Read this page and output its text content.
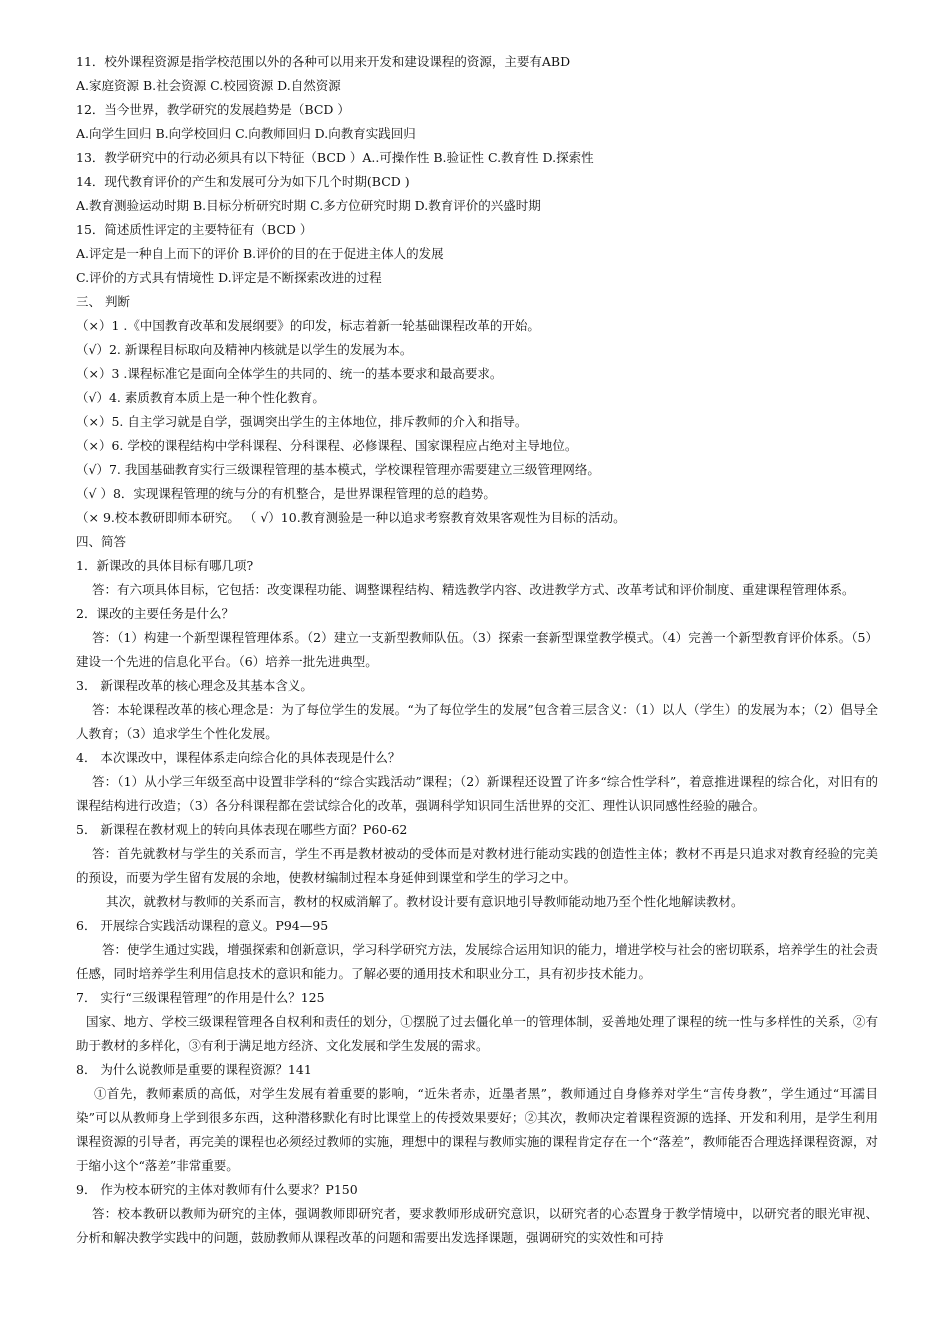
11．校外课程资源是指学校范围以外的各种可以用来开发和建设课程的资源，主要有ABD
A.家庭资源 B.社会资源 C.校园资源 D.自然资源
12．当今世界，教学研究的发展趋势是（BCD ）
A.向学生回归 B.向学校回归 C.向教师回归 D.向教育实践回归
13．教学研究中的行动必须具有以下特征（BCD ）A..可操作性 B.验证性 C.教育性 D.探索性
14．现代教育评价的产生和发展可分为如下几个时期(BCD )
A.教育测验运动时期 B.目标分析研究时期 C.多方位研究时期 D.教育评价的兴盛时期
15．简述质性评定的主要特征有（BCD ）
A.评定是一种自上而下的评价 B.评价的目的在于促进主体人的发展
C.评价的方式具有情境性 D.评定是不断探索改进的过程
三、 判断
（×）1 .《中国教育改革和发展纲要》的印发，标志着新一轮基础课程改革的开始。
（√）2. 新课程目标取向及精神内核就是以学生的发展为本。
（×）3 .课程标准它是面向全体学生的共同的、统一的基本要求和最高要求。
（√）4. 素质教育本质上是一种个性化教育。
（×）5. 自主学习就是自学，强调突出学生的主体地位，排斥教师的介入和指导。
（×）6. 学校的课程结构中学科课程、分科课程、必修课程、国家课程应占绝对主导地位。
（√）7. 我国基础教育实行三级课程管理的基本模式，学校课程管理亦需要建立三级管理网络。
（√ ）8．实现课程管理的统与分的有机整合，是世界课程管理的总的趋势。
（× 9.校本教研即师本研究。 （ √）10.教育测验是一种以追求考察教育效果客观性为目标的活动。
四、简答
1．新课改的具体目标有哪几项?
答：有六项具体目标，它包括：改变课程功能、调整课程结构、精选教学内容、改进教学方式、改革考试和评价制度、重建课程管理体系。
2．课改的主要任务是什么？
答：（1）构建一个新型课程管理体系。（2）建立一支新型教师队伍。（3）探索一套新型课堂教学模式。（4）完善一个新型教育评价体系。（5）建设一个先进的信息化平台。（6）培养一批先进典型。
3． 新课程改革的核心理念及其基本含义。
答：本轮课程改革的核心理念是：为了每位学生的发展。“为了每位学生的发展”包含着三层含义：（1）以人（学生）的发展为本；（2）倡导全人教育；（3）追求学生个性化发展。
4． 本次课改中，课程体系走向综合化的具体表现是什么？
答：（1）从小学三年级至高中设置非学科的“综合实践活动”课程；（2）新课程还设置了许多“综合性学科”，着意推进课程的综合化，对旧有的课程结构进行改造；（3）各分科课程都在尝试综合化的改革，强调科学知识同生活世界的交汇、理性认识同感性经验的融合。
5． 新课程在教材观上的转向具体表现在哪些方面？P60-62
答：首先就教材与学生的关系而言，学生不再是教材被动的受体而是对教材进行能动实践的创造性主体；教材不再是只追求对教育经验的完美的预设，而要为学生留有发展的余地，使教材编制过程本身延伸到课堂和学生的学习之中。
其次，就教材与教师的关系而言，教材的权威消解了。教材设计要有意识地引导教师能动地乃至个性化地解读教材。
6． 开展综合实践活动课程的意义。P94—95
答：使学生通过实践，增强探索和创新意识，学习科学研究方法，发展综合运用知识的能力，增进学校与社会的密切联系，培养学生的社会责任感，同时培养学生利用信息技术的意识和能力。了解必要的通用技术和职业分工，具有初步技术能力。
7． 实行“三级课程管理”的作用是什么？125
国家、地方、学校三级课程管理各自权利和责任的划分，①摆脱了过去僵化单一的管理体制，妥善地处理了课程的统一性与多样性的关系，②有助于教材的多样化，③有利于满足地方经济、文化发展和学生发展的需求。
8． 为什么说教师是重要的课程资源？141
①首先，教师素质的高低，对学生发展有着重要的影响，“近朱者赤，近墨者黑”，教师通过自身修养对学生“言传身教”，学生通过“耳濡目染”可以从教师身上学到很多东西，这种潜移默化有时比课堂上的传授效果要好；②其次，教师决定着课程资源的选择、开发和利用，是学生利用课程资源的引导者，再完美的课程也必须经过教师的实施，理想中的课程与教师实施的课程肯定存在一个“落差”，教师能否合理选择课程资源，对于缩小这个“落差”非常重要。
9． 作为校本研究的主体对教师有什么要求？P150
答：校本教研以教师为研究的主体，强调教师即研究者，要求教师形成研究意识，以研究者的心态置身于教学情境中，以研究者的眼光审视、分析和解决教学实践中的问题，鼓励教师从课程改革的问题和需要出发选择课题，强调研究的实效性和可持
